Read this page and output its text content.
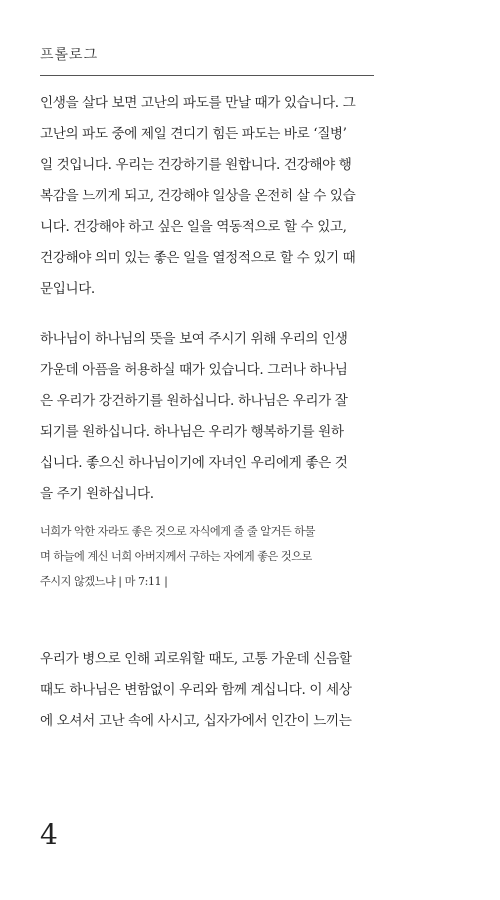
프롤로그
인생을 살다 보면 고난의 파도를 만날 때가 있습니다. 그
고난의 파도 중에 제일 견디기 힘든 파도는 바로 ‘질병’
일 것입니다. 우리는 건강하기를 원합니다. 건강해야 행
복감을 느끼게 되고, 건강해야 일상을 온전히 살 수 있습
니다. 건강해야 하고 싶은 일을 역동적으로 할 수 있고,
건강해야 의미 있는 좋은 일을 열정적으로 할 수 있기 때
문입니다.
하나님이 하나님의 뜻을 보여 주시기 위해 우리의 인생
가운데 아픔을 허용하실 때가 있습니다. 그러나 하나님
은 우리가 강건하기를 원하십니다. 하나님은 우리가 잘
되기를 원하십니다. 하나님은 우리가 행복하기를 원하
십니다. 좋으신 하나님이기에 자녀인 우리에게 좋은 것
을 주기 원하십니다.
너희가 악한 자라도 좋은 것으로 자식에게 줄 줄 알거든 하물
며 하늘에 계신 너희 아버지께서 구하는 자에게 좋은 것으로
주시지 않겠느냐 | 마 7:11 |
우리가 병으로 인해 괴로워할 때도, 고통 가운데 신음할
때도 하나님은 변함없이 우리와 함께 계십니다. 이 세상
에 오셔서 고난 속에 사시고, 십자가에서 인간이 느끼는
4
